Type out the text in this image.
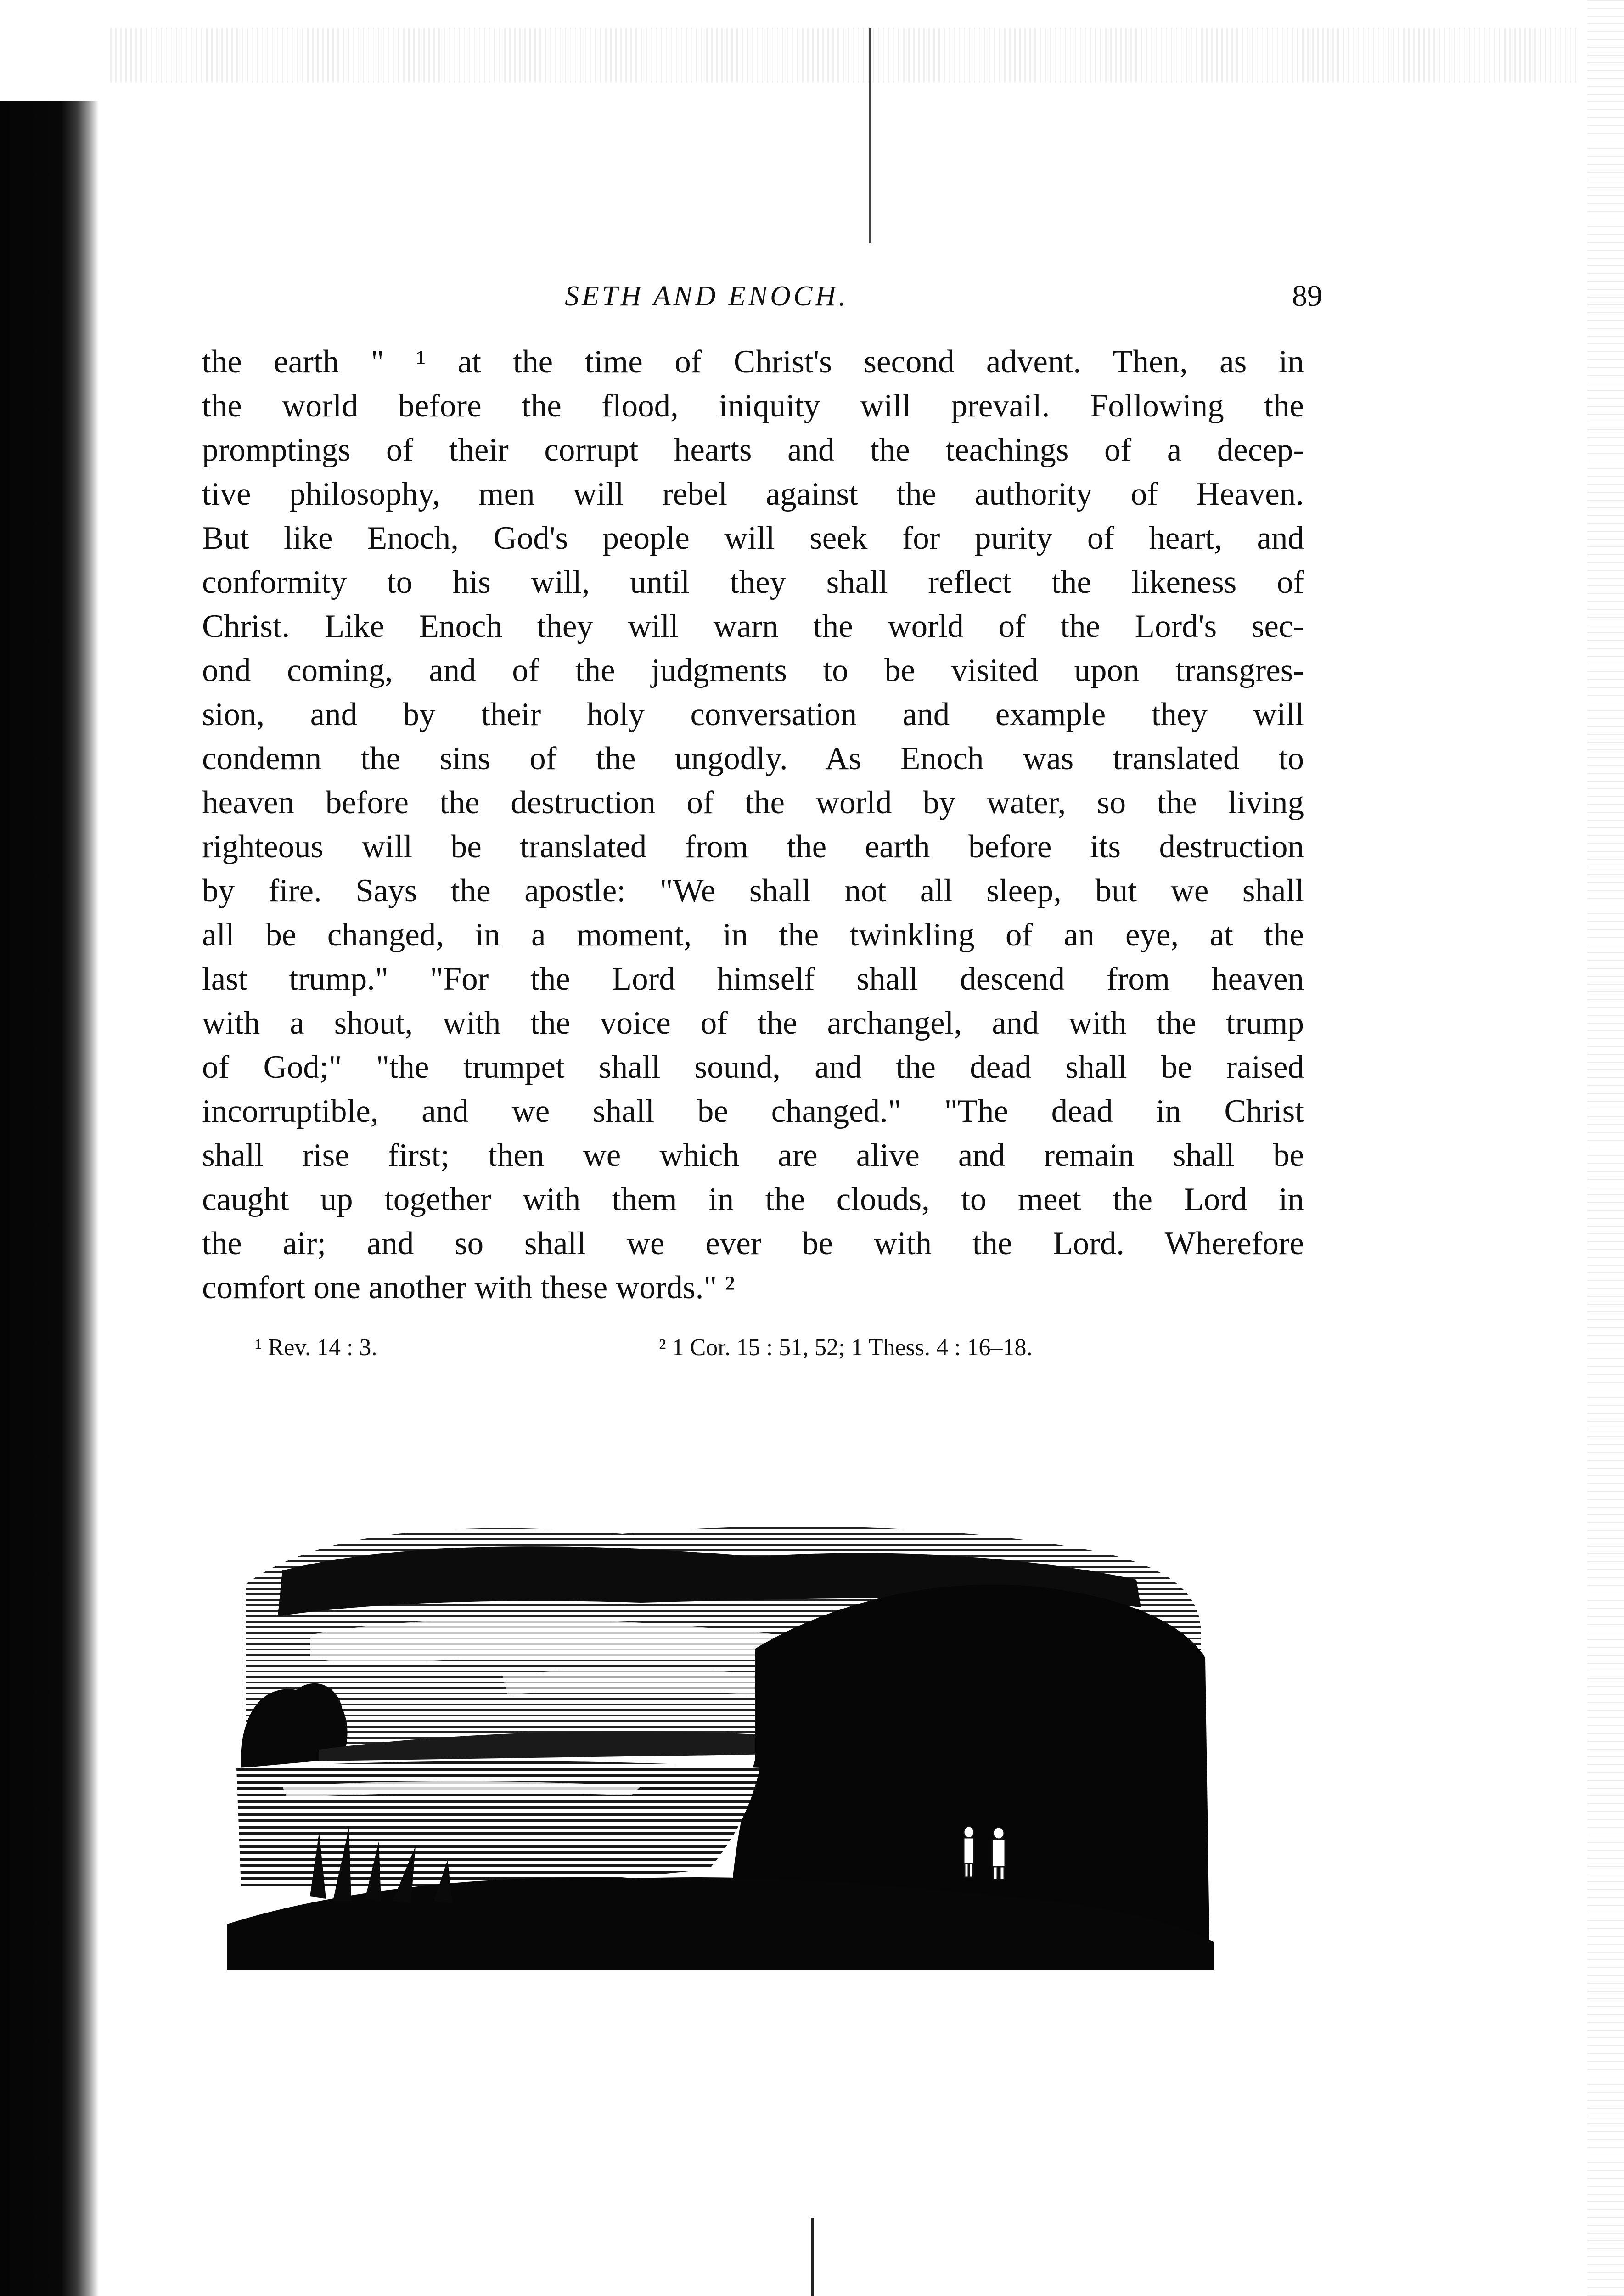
SETH AND ENOCH.	89
the earth " ¹ at the time of Christ's second advent. Then, as in
the world before the flood, iniquity will prevail. Following the
promptings of their corrupt hearts and the teachings of a decep-
tive philosophy, men will rebel against the authority of Heaven.
But like Enoch, God's people will seek for purity of heart, and
conformity to his will, until they shall reflect the likeness of
Christ. Like Enoch they will warn the world of the Lord's sec-
ond coming, and of the judgments to be visited upon transgres-
sion, and by their holy conversation and example they will
condemn the sins of the ungodly. As Enoch was translated to
heaven before the destruction of the world by water, so the living
righteous will be translated from the earth before its destruction
by fire. Says the apostle: "We shall not all sleep, but we shall
all be changed, in a moment, in the twinkling of an eye, at the
last trump." "For the Lord himself shall descend from heaven
with a shout, with the voice of the archangel, and with the trump
of God;" "the trumpet shall sound, and the dead shall be raised
incorruptible, and we shall be changed." "The dead in Christ
shall rise first; then we which are alive and remain shall be
caught up together with them in the clouds, to meet the Lord in
the air; and so shall we ever be with the Lord. Wherefore
comfort one another with these words." ²
¹ Rev. 14 : 3.	² 1 Cor. 15 : 51, 52; 1 Thess. 4 : 16–18.
